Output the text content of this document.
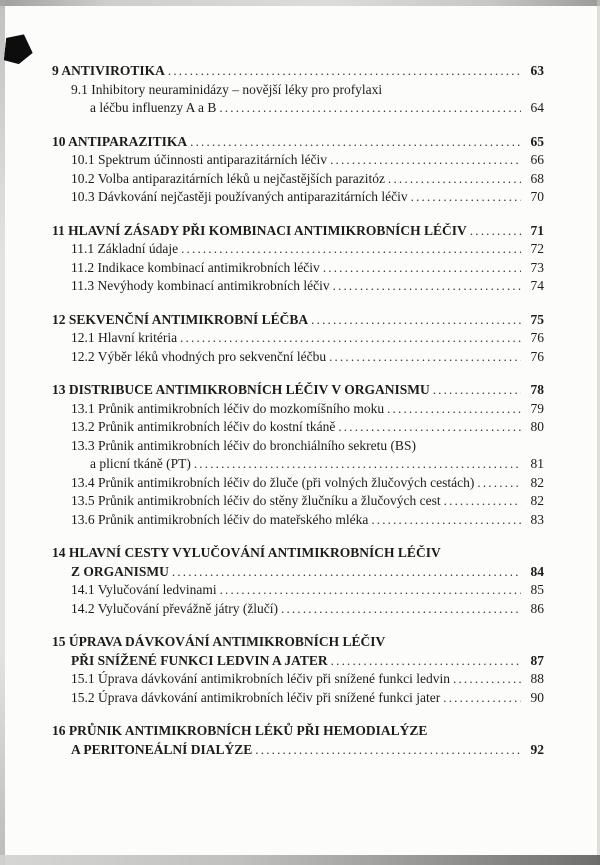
9 ANTIVIROTIKA .....	63
9.1 Inhibitory neuraminidázy – novější léky pro profylaxi
a léčbu influenzy A a B .....	64
10 ANTIPARAZITIKA .....	65
10.1 Spektrum účinnosti antiparazitárních léčiv .....	66
10.2 Volba antiparazitárních léků u nejčastějších parazitóz .....	68
10.3 Dávkování nejčastěji používaných antiparazitárních léčiv .....	70
11 HLAVNÍ ZÁSADY PŘI KOMBINACI ANTIMIKROBNÍCH LÉČIV .....	71
11.1 Základní údaje .....	72
11.2 Indikace kombinací antimikrobních léčiv .....	73
11.3 Nevýhody kombinací antimikrobních léčiv .....	74
12 SEKVENČNÍ ANTIMIKROBNÍ LÉČBA .....	75
12.1 Hlavní kritéria .....	76
12.2 Výběr léků vhodných pro sekvenční léčbu .....	76
13 DISTRIBUCE ANTIMIKROBNÍCH LÉČIV V ORGANISMU .....	78
13.1 Průnik antimikrobních léčiv do mozkomíšního moku .....	79
13.2 Průnik antimikrobních léčiv do kostní tkáně .....	80
13.3 Průnik antimikrobních léčiv do bronchiálního sekretu (BS)
a plicní tkáně (PT) .....	81
13.4 Průnik antimikrobních léčiv do žluče (při volných žlučových cestách) .....	82
13.5 Průnik antimikrobních léčiv do stěny žlučníku a žlučových cest .....	82
13.6 Průnik antimikrobních léčiv do mateřského mléka .....	83
14 HLAVNÍ CESTY VYLUČOVÁNÍ ANTIMIKROBNÍCH LÉČIV
Z ORGANISMU .....	84
14.1 Vylučování ledvinami .....	85
14.2 Vylučování převážně játry (žlučí) .....	86
15 ÚPRAVA DÁVKOVÁNÍ ANTIMIKROBNÍCH LÉČIV
PŘI SNÍŽENÉ FUNKCI LEDVIN A JATER .....	87
15.1 Úprava dávkování antimikrobních léčiv při snížené funkci ledvin .....	88
15.2 Úprava dávkování antimikrobních léčiv při snížené funkci jater .....	90
16 PRŮNIK ANTIMIKROBNÍCH LÉKŮ PŘI HEMODIALÝZE
A PERITONEÁLNÍ DIALÝZE .....	92
